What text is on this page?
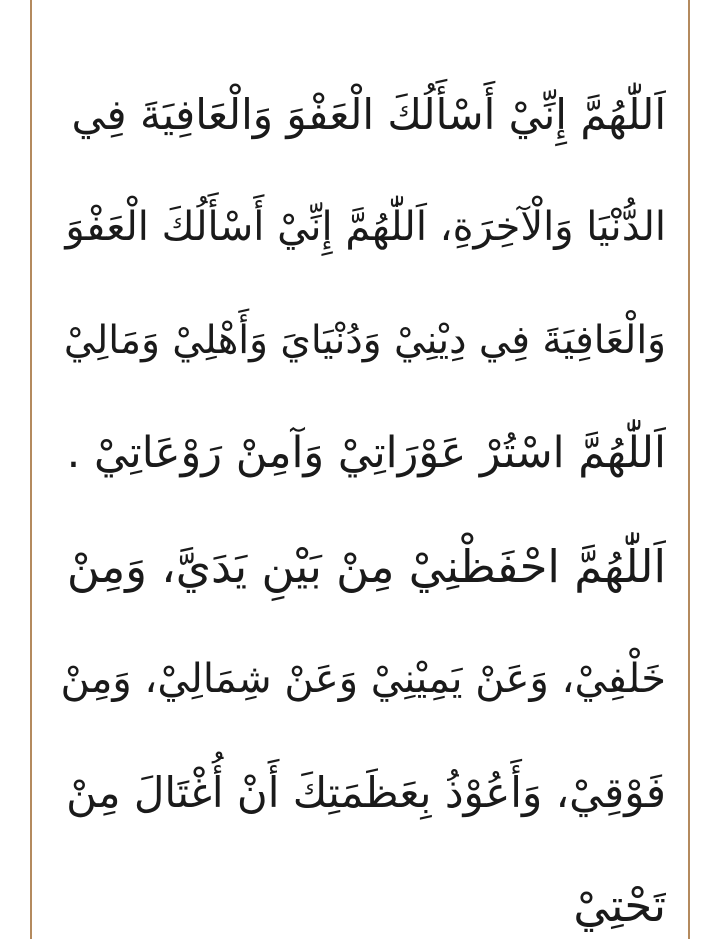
اَللّٰهُمَّ إِنِّيْ أَسْأَلُكَ الْعَفْوَ وَالْعَافِيَةَ فِي
الدُّنْيَا وَالْآخِرَةِ، اَللّٰهُمَّ إِنِّيْ أَسْأَلُكَ الْعَفْوَ
وَالْعَافِيَةَ فِي دِيْنِيْ وَدُنْيَايَ وَأَهْلِيْ وَمَالِيْ
اَللّٰهُمَّ اسْتُرْ عَوْرَاتِيْ وَآمِنْ رَوْعَاتِيْ .
اَللّٰهُمَّ احْفَظْنِيْ مِنْ بَيْنِ يَدَيَّ، وَمِنْ
خَلْفِيْ، وَعَنْ يَمِيْنِيْ وَعَنْ شِمَالِيْ، وَمِنْ
فَوْقِيْ، وَأَعُوْذُ بِعَظَمَتِكَ أَنْ أُغْتَالَ مِنْ
تَحْتِيْ
